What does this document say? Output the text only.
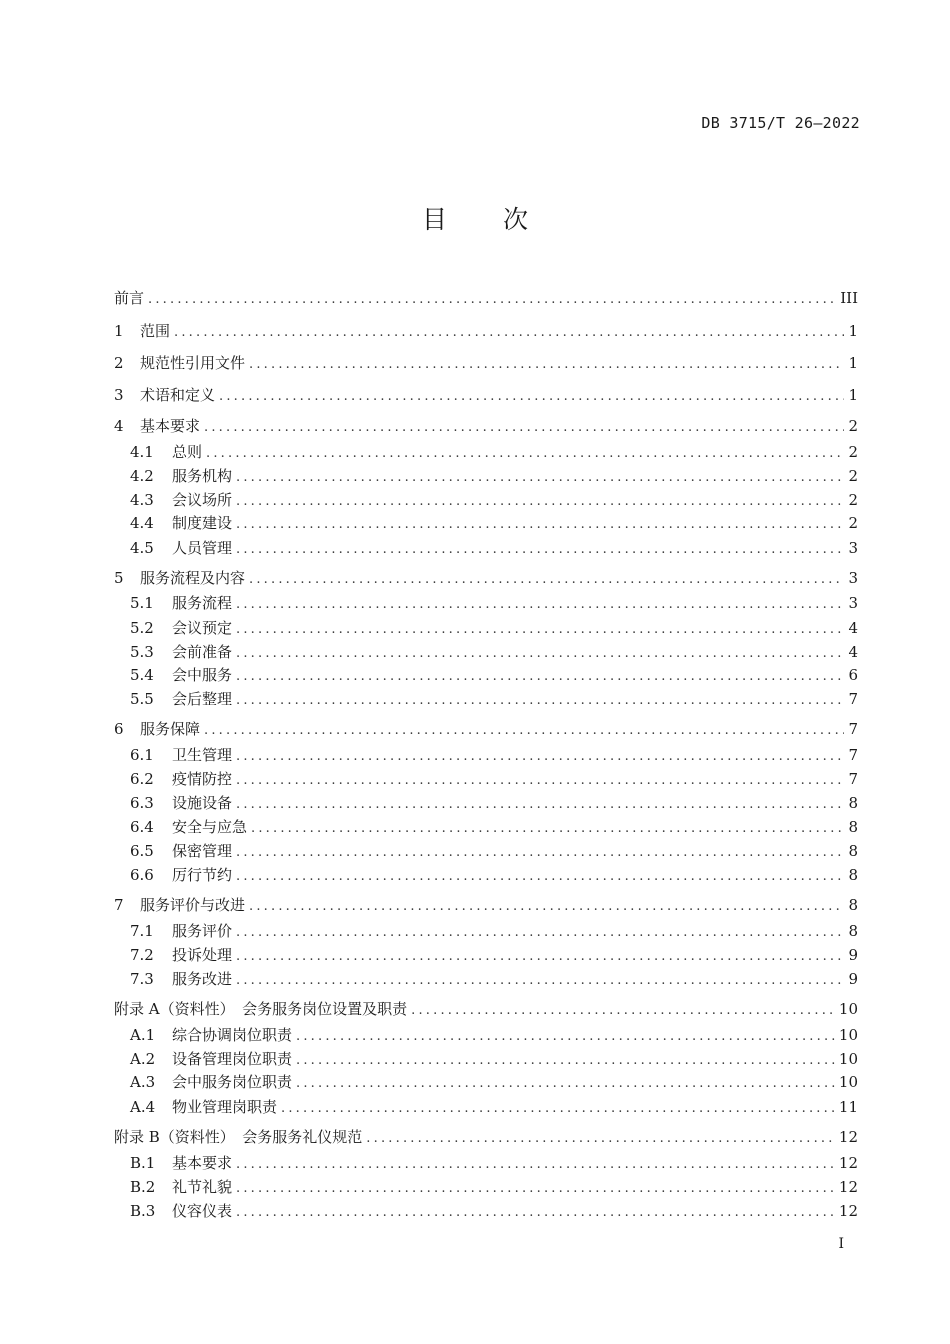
DB 3715/T 26—2022
目次
前言 .....	III
1	范围 .....	1
2	规范性引用文件 .....	1
3	术语和定义 .....	1
4	基本要求 .....	2
4.1	总则 .....	2
4.2	服务机构 .....	2
4.3	会议场所 .....	2
4.4	制度建设 .....	2
4.5	人员管理 .....	3
5	服务流程及内容 .....	3
5.1	服务流程 .....	3
5.2	会议预定 .....	4
5.3	会前准备 .....	4
5.4	会中服务 .....	6
5.5	会后整理 .....	7
6	服务保障 .....	7
6.1	卫生管理 .....	7
6.2	疫情防控 .....	7
6.3	设施设备 .....	8
6.4	安全与应急 .....	8
6.5	保密管理 .....	8
6.6	厉行节约 .....	8
7	服务评价与改进 .....	8
7.1	服务评价 .....	8
7.2	投诉处理 .....	9
7.3	服务改进 .....	9
附录 A（资料性）　会务服务岗位设置及职责 .....	10
A.1	综合协调岗位职责 .....	10
A.2	设备管理岗位职责 .....	10
A.3	会中服务岗位职责 .....	10
A.4	物业管理岗职责 .....	11
附录 B（资料性）　会务服务礼仪规范 .....	12
B.1	基本要求 .....	12
B.2	礼节礼貌 .....	12
B.3	仪容仪表 .....	12
I
